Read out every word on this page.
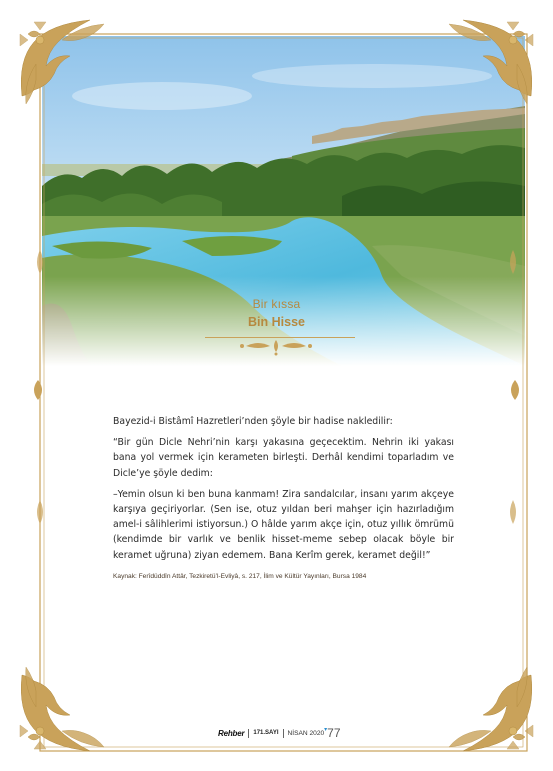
Bir kıssa
Bin Hisse

Bayezid-i Bistâmî Hazretleri’nden şöyle bir hadise nakledilir:

“Bir gün Dicle Nehri’nin karşı yakasına geçecektim. Nehrin iki yakası bana yol vermek için kerameten birleşti. Derhâl kendimi toparladım ve Dicle’ye şöyle dedim:

–Yemin olsun ki ben buna kanmam! Zira sandalcılar, insanı yarım akçeye karşıya geçiriyorlar. (Sen ise, otuz yıldan beri mahşer için hazırladığım amel-i sâlihlerimi istiyorsun.) O hâlde yarım akçe için, otuz yıllık ömrümü (kendimde bir varlık ve benlik hisset-meme sebep olacak böyle bir keramet uğruna) ziyan edemem. Bana Kerîm gerek, keramet değil!”

Kaynak: Ferîdüddîn Attâr, Tezkiretü’l-Evliyâ, s. 217, İlim ve Kültür Yayınları, Bursa 1984
Rehber 171.SAYI NİSAN 2020 ▾ 77
